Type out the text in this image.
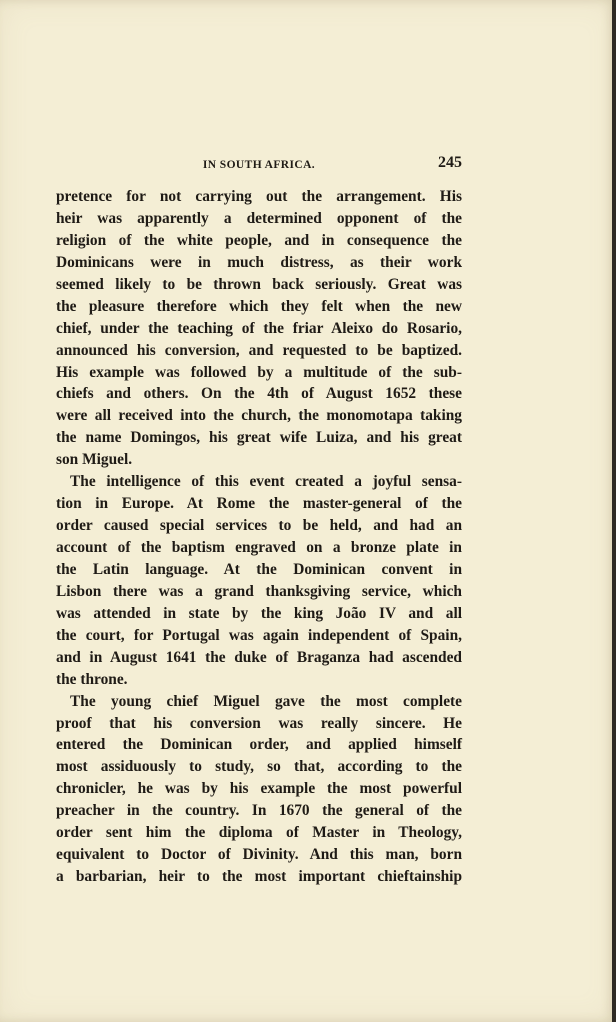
IN SOUTH AFRICA.	245
pretence for not carrying out the arrangement. His
heir was apparently a determined opponent of the
religion of the white people, and in consequence the
Dominicans were in much distress, as their work
seemed likely to be thrown back seriously. Great was
the pleasure therefore which they felt when the new
chief, under the teaching of the friar Aleixo do Rosario,
announced his conversion, and requested to be baptized.
His example was followed by a multitude of the sub-
chiefs and others. On the 4th of August 1652 these
were all received into the church, the monomotapa taking
the name Domingos, his great wife Luiza, and his great
son Miguel.
The intelligence of this event created a joyful sensa-
tion in Europe. At Rome the master-general of the
order caused special services to be held, and had an
account of the baptism engraved on a bronze plate in
the Latin language. At the Dominican convent in
Lisbon there was a grand thanksgiving service, which
was attended in state by the king João IV and all
the court, for Portugal was again independent of Spain,
and in August 1641 the duke of Braganza had ascended
the throne.
The young chief Miguel gave the most complete
proof that his conversion was really sincere. He
entered the Dominican order, and applied himself
most assiduously to study, so that, according to the
chronicler, he was by his example the most powerful
preacher in the country. In 1670 the general of the
order sent him the diploma of Master in Theology,
equivalent to Doctor of Divinity. And this man, born
a barbarian, heir to the most important chieftainship
